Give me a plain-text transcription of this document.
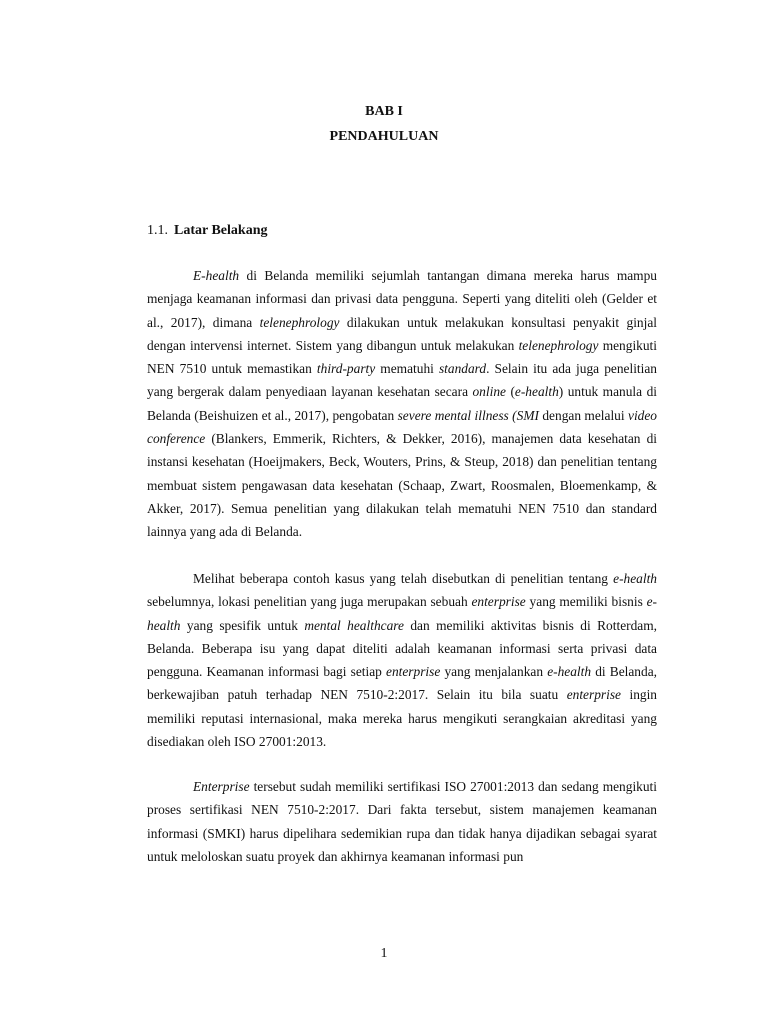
BAB I
PENDAHULUAN
1.1. Latar Belakang

E-health di Belanda memiliki sejumlah tantangan dimana mereka harus mampu menjaga keamanan informasi dan privasi data pengguna. Seperti yang diteliti oleh (Gelder et al., 2017), dimana telenephrology dilakukan untuk melakukan konsultasi penyakit ginjal dengan intervensi internet. Sistem yang dibangun untuk melakukan telenephrology mengikuti NEN 7510 untuk memastikan third-party mematuhi standard. Selain itu ada juga penelitian yang bergerak dalam penyediaan layanan kesehatan secara online (e-health) untuk manula di Belanda (Beishuizen et al., 2017), pengobatan severe mental illness (SMI dengan melalui video conference (Blankers, Emmerik, Richters, & Dekker, 2016), manajemen data kesehatan di instansi kesehatan (Hoeijmakers, Beck, Wouters, Prins, & Steup, 2018) dan penelitian tentang membuat sistem pengawasan data kesehatan (Schaap, Zwart, Roosmalen, Bloemenkamp, & Akker, 2017). Semua penelitian yang dilakukan telah mematuhi NEN 7510 dan standard lainnya yang ada di Belanda.

Melihat beberapa contoh kasus yang telah disebutkan di penelitian tentang e-health sebelumnya, lokasi penelitian yang juga merupakan sebuah enterprise yang memiliki bisnis e-health yang spesifik untuk mental healthcare dan memiliki aktivitas bisnis di Rotterdam, Belanda. Beberapa isu yang dapat diteliti adalah keamanan informasi serta privasi data pengguna. Keamanan informasi bagi setiap enterprise yang menjalankan e-health di Belanda, berkewajiban patuh terhadap NEN 7510-2:2017. Selain itu bila suatu enterprise ingin memiliki reputasi internasional, maka mereka harus mengikuti serangkaian akreditasi yang disediakan oleh ISO 27001:2013.

Enterprise tersebut sudah memiliki sertifikasi ISO 27001:2013 dan sedang mengikuti proses sertifikasi NEN 7510-2:2017. Dari fakta tersebut, sistem manajemen keamanan informasi (SMKI) harus dipelihara sedemikian rupa dan tidak hanya dijadikan sebagai syarat untuk meloloskan suatu proyek dan akhirnya keamanan informasi pun

1
